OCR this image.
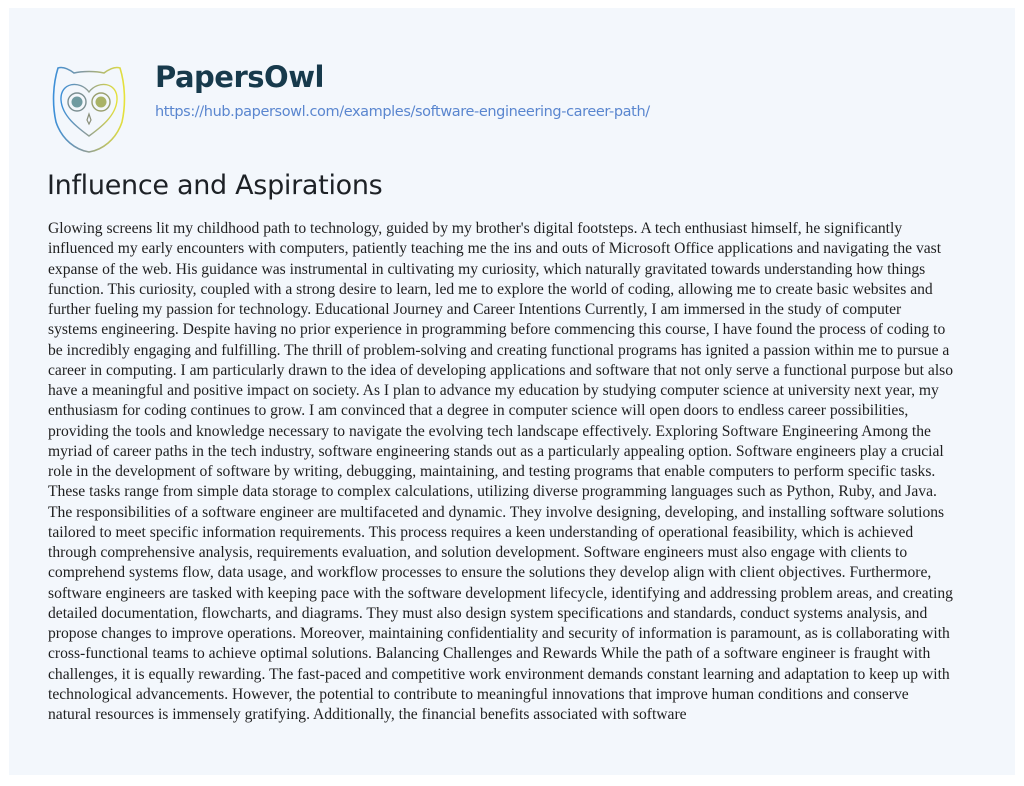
PapersOwl
https://hub.papersowl.com/examples/software-engineering-career-path/
Influence and Aspirations
Glowing screens lit my childhood path to technology, guided by my brother's digital footsteps. A tech enthusiast himself, he significantly
influenced my early encounters with computers, patiently teaching me the ins and outs of Microsoft Office applications and navigating the vast
expanse of the web. His guidance was instrumental in cultivating my curiosity, which naturally gravitated towards understanding how things
function. This curiosity, coupled with a strong desire to learn, led me to explore the world of coding, allowing me to create basic websites and
further fueling my passion for technology. Educational Journey and Career Intentions Currently, I am immersed in the study of computer
systems engineering. Despite having no prior experience in programming before commencing this course, I have found the process of coding to
be incredibly engaging and fulfilling. The thrill of problem-solving and creating functional programs has ignited a passion within me to pursue a
career in computing. I am particularly drawn to the idea of developing applications and software that not only serve a functional purpose but also
have a meaningful and positive impact on society. As I plan to advance my education by studying computer science at university next year, my
enthusiasm for coding continues to grow. I am convinced that a degree in computer science will open doors to endless career possibilities,
providing the tools and knowledge necessary to navigate the evolving tech landscape effectively. Exploring Software Engineering Among the
myriad of career paths in the tech industry, software engineering stands out as a particularly appealing option. Software engineers play a crucial
role in the development of software by writing, debugging, maintaining, and testing programs that enable computers to perform specific tasks.
These tasks range from simple data storage to complex calculations, utilizing diverse programming languages such as Python, Ruby, and Java.
The responsibilities of a software engineer are multifaceted and dynamic. They involve designing, developing, and installing software solutions
tailored to meet specific information requirements. This process requires a keen understanding of operational feasibility, which is achieved
through comprehensive analysis, requirements evaluation, and solution development. Software engineers must also engage with clients to
comprehend systems flow, data usage, and workflow processes to ensure the solutions they develop align with client objectives. Furthermore,
software engineers are tasked with keeping pace with the software development lifecycle, identifying and addressing problem areas, and creating
detailed documentation, flowcharts, and diagrams. They must also design system specifications and standards, conduct systems analysis, and
propose changes to improve operations. Moreover, maintaining confidentiality and security of information is paramount, as is collaborating with
cross-functional teams to achieve optimal solutions. Balancing Challenges and Rewards While the path of a software engineer is fraught with
challenges, it is equally rewarding. The fast-paced and competitive work environment demands constant learning and adaptation to keep up with
technological advancements. However, the potential to contribute to meaningful innovations that improve human conditions and conserve
natural resources is immensely gratifying. Additionally, the financial benefits associated with software
